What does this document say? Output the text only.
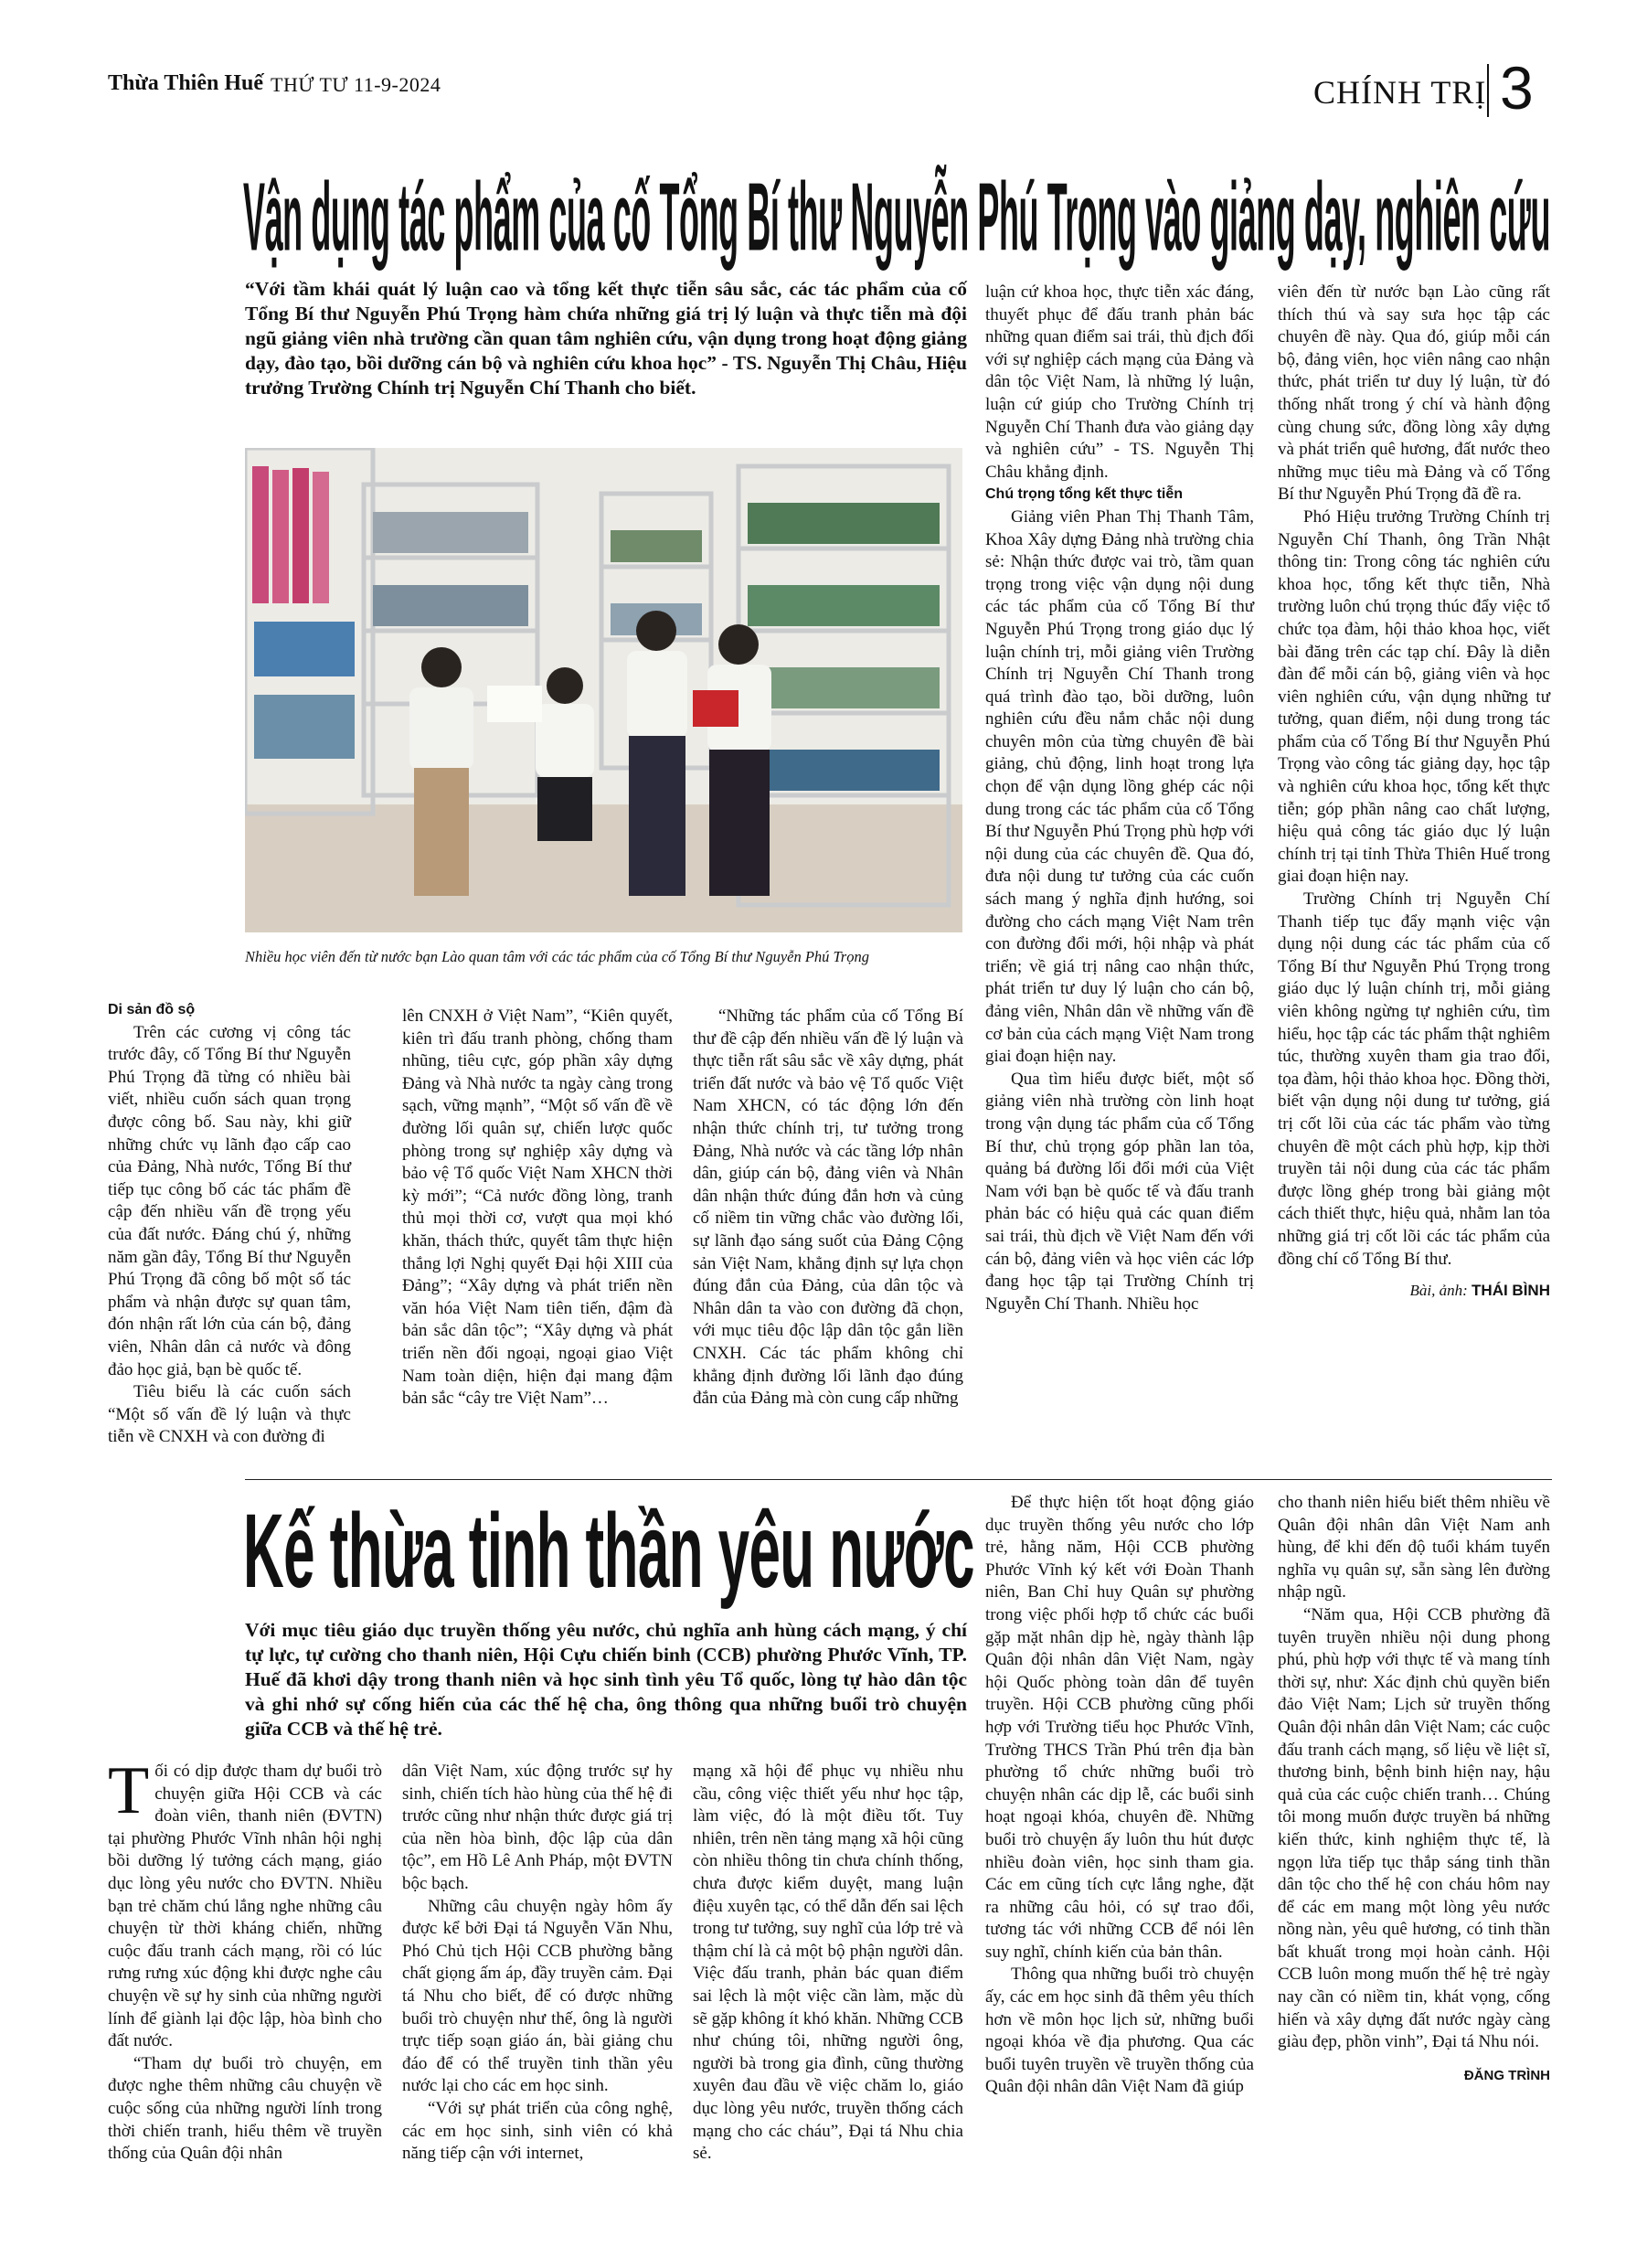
Thừa Thiên Huế THỨ TƯ 11-9-2024	CHÍNH TRỊ 3
Vận dụng tác phẩm của cố Tổng Bí thư Nguyễn Phú Trọng vào giảng dạy, nghiên cứu
“Với tầm khái quát lý luận cao và tổng kết thực tiễn sâu sắc, các tác phẩm của cố Tổng Bí thư Nguyễn Phú Trọng hàm chứa những giá trị lý luận và thực tiễn mà đội ngũ giảng viên nhà trường cần quan tâm nghiên cứu, vận dụng trong hoạt động giảng dạy, đào tạo, bồi dưỡng cán bộ và nghiên cứu khoa học” - TS. Nguyễn Thị Châu, Hiệu trưởng Trường Chính trị Nguyễn Chí Thanh cho biết.
Nhiều học viên đến từ nước bạn Lào quan tâm với các tác phẩm của cố Tổng Bí thư Nguyễn Phú Trọng

Di sản đồ sộ

Trên các cương vị công tác trước đây, cố Tổng Bí thư Nguyễn Phú Trọng đã từng có nhiều bài viết, nhiều cuốn sách quan trọng được công bố. Sau này, khi giữ những chức vụ lãnh đạo cấp cao của Đảng, Nhà nước, Tổng Bí thư tiếp tục công bố các tác phẩm đề cập đến nhiều vấn đề trọng yếu của đất nước. Đáng chú ý, những năm gần đây, Tổng Bí thư Nguyễn Phú Trọng đã công bố một số tác phẩm và nhận được sự quan tâm, đón nhận rất lớn của cán bộ, đảng viên, Nhân dân cả nước và đông đảo học giả, bạn bè quốc tế.

Tiêu biểu là các cuốn sách “Một số vấn đề lý luận và thực tiễn về CNXH và con đường đi

lên CNXH ở Việt Nam”, “Kiên quyết, kiên trì đấu tranh phòng, chống tham nhũng, tiêu cực, góp phần xây dựng Đảng và Nhà nước ta ngày càng trong sạch, vững mạnh”, “Một số vấn đề về đường lối quân sự, chiến lược quốc phòng trong sự nghiệp xây dựng và bảo vệ Tổ quốc Việt Nam XHCN thời kỳ mới”; “Cả nước đồng lòng, tranh thủ mọi thời cơ, vượt qua mọi khó khăn, thách thức, quyết tâm thực hiện thắng lợi Nghị quyết Đại hội XIII của Đảng”; “Xây dựng và phát triển nền văn hóa Việt Nam tiên tiến, đậm đà bản sắc dân tộc”; “Xây dựng và phát triển nền đối ngoại, ngoại giao Việt Nam toàn diện, hiện đại mang đậm bản sắc “cây tre Việt Nam”…

“Những tác phẩm của cố Tổng Bí thư đề cập đến nhiều vấn đề lý luận và thực tiễn rất sâu sắc về xây dựng, phát triển đất nước và bảo vệ Tổ quốc Việt Nam XHCN, có tác động lớn đến nhận thức chính trị, tư tưởng trong Đảng, Nhà nước và các tầng lớp nhân dân, giúp cán bộ, đảng viên và Nhân dân nhận thức đúng đắn hơn và củng cố niềm tin vững chắc vào đường lối, sự lãnh đạo sáng suốt của Đảng Cộng sản Việt Nam, khẳng định sự lựa chọn đúng đắn của Đảng, của dân tộc và Nhân dân ta vào con đường đã chọn, với mục tiêu độc lập dân tộc gắn liền CNXH. Các tác phẩm không chỉ khẳng định đường lối lãnh đạo đúng đắn của Đảng mà còn cung cấp những

luận cứ khoa học, thực tiễn xác đáng, thuyết phục để đấu tranh phản bác những quan điểm sai trái, thù địch đối với sự nghiệp cách mạng của Đảng và dân tộc Việt Nam, là những lý luận, luận cứ giúp cho Trường Chính trị Nguyễn Chí Thanh đưa vào giảng dạy và nghiên cứu” - TS. Nguyễn Thị Châu khẳng định.

Chú trọng tổng kết thực tiễn

Giảng viên Phan Thị Thanh Tâm, Khoa Xây dựng Đảng nhà trường chia sẻ: Nhận thức được vai trò, tầm quan trọng trong việc vận dụng nội dung các tác phẩm của cố Tổng Bí thư Nguyễn Phú Trọng trong giáo dục lý luận chính trị, mỗi giảng viên Trường Chính trị Nguyễn Chí Thanh trong quá trình đào tạo, bồi dưỡng, luôn nghiên cứu đều nắm chắc nội dung chuyên môn của từng chuyên đề bài giảng, chủ động, linh hoạt trong lựa chọn để vận dụng lồng ghép các nội dung trong các tác phẩm của cố Tổng Bí thư Nguyễn Phú Trọng phù hợp với nội dung của các chuyên đề. Qua đó, đưa nội dung tư tưởng của các cuốn sách mang ý nghĩa định hướng, soi đường cho cách mạng Việt Nam trên con đường đổi mới, hội nhập và phát triển; về giá trị nâng cao nhận thức, phát triển tư duy lý luận cho cán bộ, đảng viên, Nhân dân về những vấn đề cơ bản của cách mạng Việt Nam trong giai đoạn hiện nay.

Qua tìm hiểu được biết, một số giảng viên nhà trường còn linh hoạt trong vận dụng tác phẩm của cố Tổng Bí thư, chủ trọng góp phần lan tỏa, quảng bá đường lối đổi mới của Việt Nam với bạn bè quốc tế và đấu tranh phản bác có hiệu quả các quan điểm sai trái, thù địch về Việt Nam đến với cán bộ, đảng viên và học viên các lớp đang học tập tại Trường Chính trị Nguyễn Chí Thanh. Nhiều học

viên đến từ nước bạn Lào cũng rất thích thú và say sưa học tập các chuyên đề này. Qua đó, giúp mỗi cán bộ, đảng viên, học viên nâng cao nhận thức, phát triển tư duy lý luận, từ đó thống nhất trong ý chí và hành động cùng chung sức, đồng lòng xây dựng và phát triển quê hương, đất nước theo những mục tiêu mà Đảng và cố Tổng Bí thư Nguyễn Phú Trọng đã đề ra.

Phó Hiệu trưởng Trường Chính trị Nguyễn Chí Thanh, ông Trần Nhật thông tin: Trong công tác nghiên cứu khoa học, tổng kết thực tiễn, Nhà trường luôn chú trọng thúc đẩy việc tổ chức tọa đàm, hội thảo khoa học, viết bài đăng trên các tạp chí. Đây là diễn đàn để mỗi cán bộ, giảng viên và học viên nghiên cứu, vận dụng những tư tưởng, quan điểm, nội dung trong tác phẩm của cố Tổng Bí thư Nguyễn Phú Trọng vào công tác giảng dạy, học tập và nghiên cứu khoa học, tổng kết thực tiễn; góp phần nâng cao chất lượng, hiệu quả công tác giáo dục lý luận chính trị tại tỉnh Thừa Thiên Huế trong giai đoạn hiện nay.

Trường Chính trị Nguyễn Chí Thanh tiếp tục đẩy mạnh việc vận dụng nội dung các tác phẩm của cố Tổng Bí thư Nguyễn Phú Trọng trong giáo dục lý luận chính trị, mỗi giảng viên không ngừng tự nghiên cứu, tìm hiểu, học tập các tác phẩm thật nghiêm túc, thường xuyên tham gia trao đổi, tọa đàm, hội thảo khoa học. Đồng thời, biết vận dụng nội dung tư tưởng, giá trị cốt lõi của các tác phẩm vào từng chuyên đề một cách phù hợp, kịp thời truyền tải nội dung của các tác phẩm được lồng ghép trong bài giảng một cách thiết thực, hiệu quả, nhằm lan tỏa những giá trị cốt lõi các tác phẩm của đồng chí cố Tổng Bí thư.

Bài, ảnh: THÁI BÌNH
Kế thừa tinh thần yêu nước
Với mục tiêu giáo dục truyền thống yêu nước, chủ nghĩa anh hùng cách mạng, ý chí tự lực, tự cường cho thanh niên, Hội Cựu chiến binh (CCB) phường Phước Vĩnh, TP. Huế đã khơi dậy trong thanh niên và học sinh tình yêu Tổ quốc, lòng tự hào dân tộc và ghi nhớ sự cống hiến của các thế hệ cha, ông thông qua những buổi trò chuyện giữa CCB và thế hệ trẻ.

Tối có dịp được tham dự buổi trò chuyện giữa Hội CCB và các đoàn viên, thanh niên (ĐVTN) tại phường Phước Vĩnh nhân hội nghị bồi dưỡng lý tưởng cách mạng, giáo dục lòng yêu nước cho ĐVTN. Nhiều bạn trẻ chăm chú lắng nghe những câu chuyện từ thời kháng chiến, những cuộc đấu tranh cách mạng, rồi có lúc rưng rưng xúc động khi được nghe câu chuyện về sự hy sinh của những người lính để giành lại độc lập, hòa bình cho đất nước.

“Tham dự buổi trò chuyện, em được nghe thêm những câu chuyện về cuộc sống của những người lính trong thời chiến tranh, hiểu thêm về truyền thống của Quân đội nhân

dân Việt Nam, xúc động trước sự hy sinh, chiến tích hào hùng của thế hệ đi trước cũng như nhận thức được giá trị của nền hòa bình, độc lập của dân tộc”, em Hồ Lê Anh Pháp, một ĐVTN bộc bạch.

Những câu chuyện ngày hôm ấy được kể bởi Đại tá Nguyễn Văn Nhu, Phó Chủ tịch Hội CCB phường bằng chất giọng ấm áp, đầy truyền cảm. Đại tá Nhu cho biết, để có được những buổi trò chuyện như thế, ông là người trực tiếp soạn giáo án, bài giảng chu đáo để có thể truyền tinh thần yêu nước lại cho các em học sinh.

“Với sự phát triển của công nghệ, các em học sinh, sinh viên có khả năng tiếp cận với internet,

mạng xã hội để phục vụ nhiều nhu cầu, công việc thiết yếu như học tập, làm việc, đó là một điều tốt. Tuy nhiên, trên nền tảng mạng xã hội cũng còn nhiều thông tin chưa chính thống, chưa được kiểm duyệt, mang luận điệu xuyên tạc, có thể dẫn đến sai lệch trong tư tưởng, suy nghĩ của lớp trẻ và thậm chí là cả một bộ phận người dân. Việc đấu tranh, phản bác quan điểm sai lệch là một việc cần làm, mặc dù sẽ gặp không ít khó khăn. Những CCB như chúng tôi, những người ông, người bà trong gia đình, cũng thường xuyên đau đầu về việc chăm lo, giáo dục lòng yêu nước, truyền thống cách mạng cho các cháu”, Đại tá Nhu chia sẻ.

Để thực hiện tốt hoạt động giáo dục truyền thống yêu nước cho lớp trẻ, hằng năm, Hội CCB phường Phước Vĩnh ký kết với Đoàn Thanh niên, Ban Chỉ huy Quân sự phường trong việc phối hợp tổ chức các buổi gặp mặt nhân dịp hè, ngày thành lập Quân đội nhân dân Việt Nam, ngày hội Quốc phòng toàn dân để tuyên truyền. Hội CCB phường cũng phối hợp với Trường tiểu học Phước Vĩnh, Trường THCS Trần Phú trên địa bàn phường tổ chức những buổi trò chuyện nhân các dịp lễ, các buổi sinh hoạt ngoại khóa, chuyên đề. Những buổi trò chuyện ấy luôn thu hút được nhiều đoàn viên, học sinh tham gia. Các em cũng tích cực lắng nghe, đặt ra những câu hỏi, có sự trao đổi, tương tác với những CCB để nói lên suy nghĩ, chính kiến của bản thân.

Thông qua những buổi trò chuyện ấy, các em học sinh đã thêm yêu thích hơn về môn học lịch sử, những buổi ngoại khóa về địa phương. Qua các buổi tuyên truyền về truyền thống của Quân đội nhân dân Việt Nam đã giúp

cho thanh niên hiểu biết thêm nhiều về Quân đội nhân dân Việt Nam anh hùng, để khi đến độ tuổi khám tuyển nghĩa vụ quân sự, sẵn sàng lên đường nhập ngũ.

“Năm qua, Hội CCB phường đã tuyên truyền nhiều nội dung phong phú, phù hợp với thực tế và mang tính thời sự, như: Xác định chủ quyền biển đảo Việt Nam; Lịch sử truyền thống Quân đội nhân dân Việt Nam; các cuộc đấu tranh cách mạng, số liệu về liệt sĩ, thương binh, bệnh binh hiện nay, hậu quả của các cuộc chiến tranh… Chúng tôi mong muốn được truyền bá những kiến thức, kinh nghiệm thực tế, là ngọn lửa tiếp tục thắp sáng tinh thần dân tộc cho thế hệ con cháu hôm nay để các em mang một lòng yêu nước nồng nàn, yêu quê hương, có tinh thần bất khuất trong mọi hoàn cảnh. Hội CCB luôn mong muốn thế hệ trẻ ngày nay cần có niềm tin, khát vọng, cống hiến và xây dựng đất nước ngày càng giàu đẹp, phồn vinh”, Đại tá Nhu nói.

ĐĂNG TRÌNH
